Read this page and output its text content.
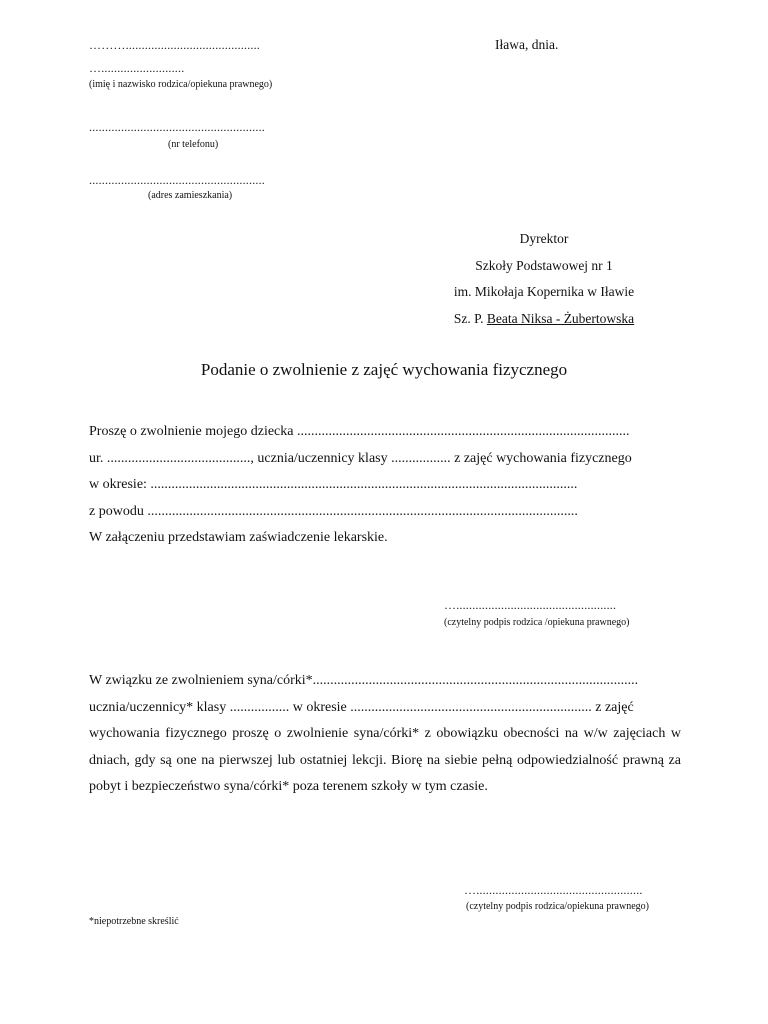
………..........................................
…..........................
(imię i nazwisko rodzica/opiekuna prawnego)
.......................................................
(nr telefonu)
.......................................................
(adres zamieszkania)
Iława, dnia.
Dyrektor
Szkoły Podstawowej nr 1
im. Mikołaja Kopernika w Iławie
Sz. P. Beata Niksa - Żubertowska
Podanie o zwolnienie z zajęć wychowania fizycznego
Proszę o zwolnienie mojego dziecka ...............................................................................................
ur. ........................................., ucznia/uczennicy klasy ................. z zajęć wychowania fizycznego
w okresie: ..........................................................................................................................
z powodu ...........................................................................................................................
W załączeniu przedstawiam zaświadczenie lekarskie.
…..................................................
(czytelny podpis rodzica /opiekuna prawnego)
W związku ze zwolnieniem syna/córki*.............................................................................................
ucznia/uczennicy* klasy ................. w okresie ..................................................................... z zajęć
wychowania fizycznego proszę o zwolnienie syna/córki* z obowiązku obecności na w/w zajęciach w dniach, gdy są one na pierwszej lub ostatniej lekcji. Biorę na siebie pełną odpowiedzialność prawną za pobyt i bezpieczeństwo syna/córki* poza terenem szkoły w tym czasie.
…....................................................
(czytelny podpis rodzica/opiekuna prawnego)
*niepotrzebne skreślić
